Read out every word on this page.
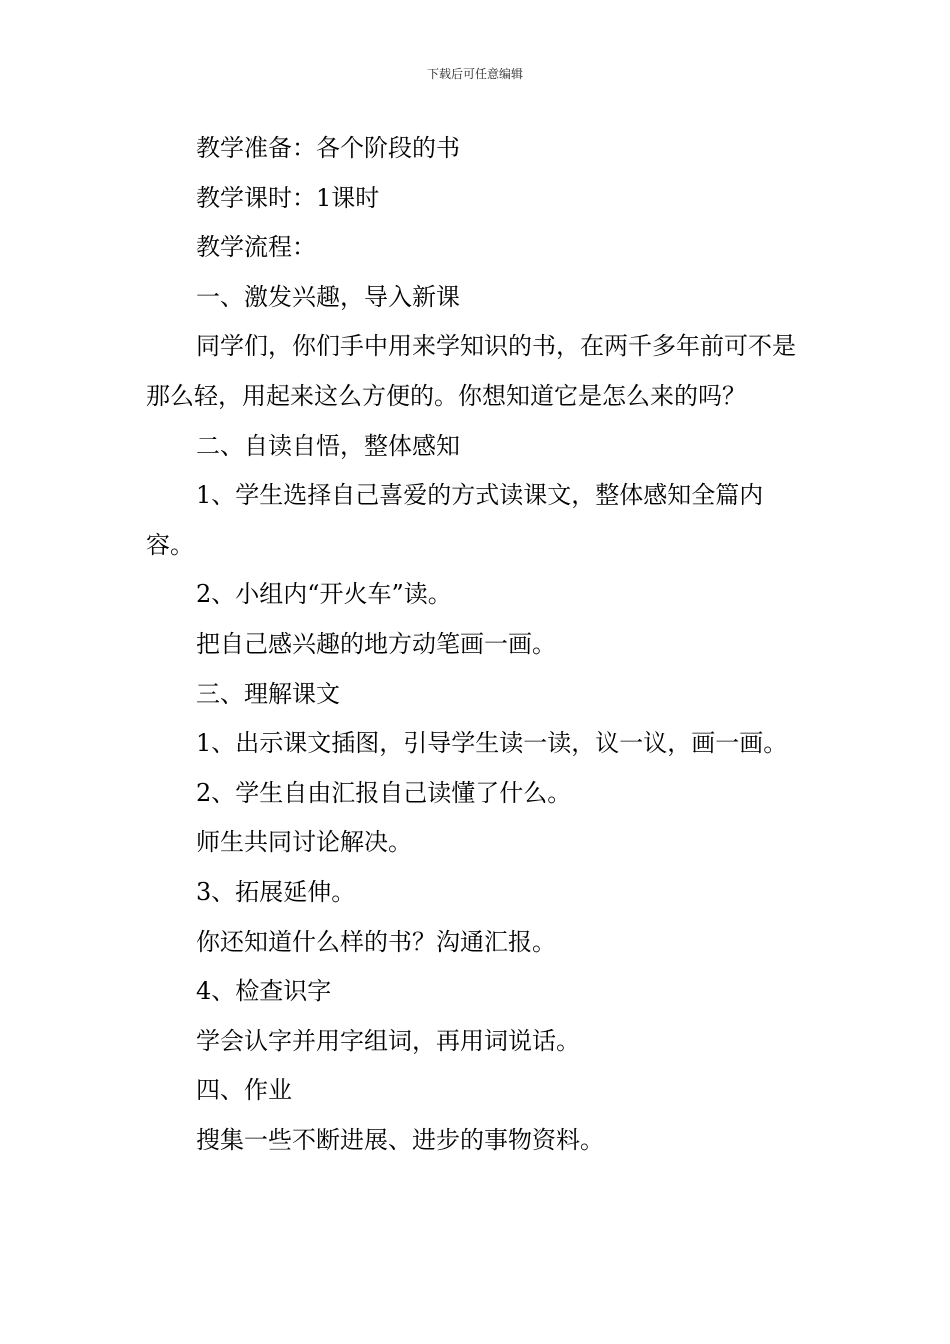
下载后可任意编辑

教学准备：各个阶段的书

教学课时：1课时

教学流程：

一、激发兴趣，导入新课

同学们，你们手中用来学知识的书，在两千多年前可不是那么轻，用起来这么方便的。你想知道它是怎么来的吗？

二、自读自悟，整体感知

1、学生选择自己喜爱的方式读课文，整体感知全篇内容。

2、小组内“开火车”读。

把自己感兴趣的地方动笔画一画。

三、理解课文

1、出示课文插图，引导学生读一读，议一议，画一画。

2、学生自由汇报自己读懂了什么。

师生共同讨论解决。

3、拓展延伸。

你还知道什么样的书？沟通汇报。

4、检查识字

学会认字并用字组词，再用词说话。

四、作业

搜集一些不断进展、进步的事物资料。
